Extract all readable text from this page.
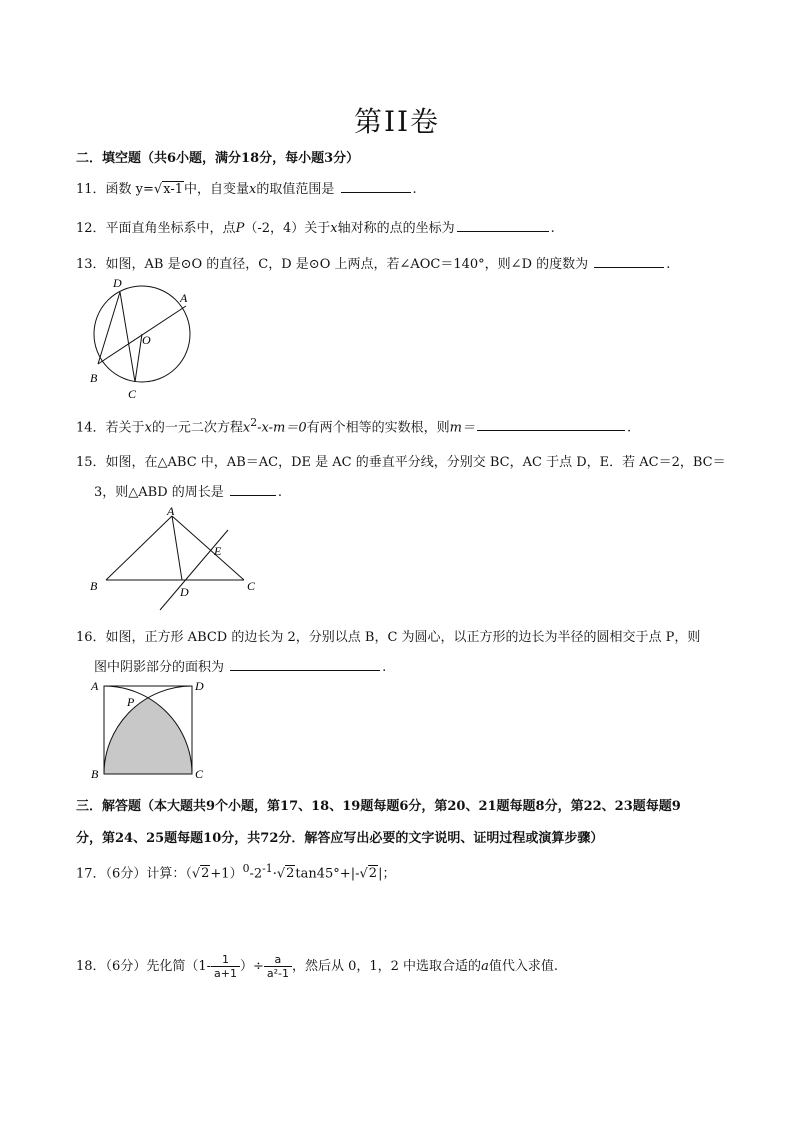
第II卷
二．填空题（共6小题，满分18分，每小题3分）
11．函数 y=√x-1中，自变量x的取值范围是	.
12．平面直角坐标系中，点P（-2，4）关于x轴对称的点的坐标为	.
13．如图，AB 是⊙O 的直径，C，D 是⊙O 上两点，若∠AOC＝140°，则∠D 的度数为	.
D
A
O
B
C
14．若关于x的一元二次方程$x^2-x-m=0$有两个相等的实数根，则m＝	.
15．如图，在△ABC 中，AB＝AC，DE 是 AC 的垂直平分线，分别交 BC，AC 于点 D，E．若 AC＝2，BC＝
3，则△ABD 的周长是	.
A
E
B	D	C
16．如图，正方形 ABCD 的边长为 2，分别以点 B，C 为圆心，以正方形的边长为半径的圆相交于点 P，则
图中阴影部分的面积为	.
A	D
P
B	C
三．解答题（本大题共9个小题，第17、18、19题每题6分，第20、21题每题8分，第22、23题每题9
分，第24、25题每题10分，共72分．解答应写出必要的文字说明、证明过程或演算步骤）
17．（6分）计算：$(√2+1)^0-2^{-1}\cdot√2\tan 45^\circ+|-√2|$；
18．（6分）先化简（$1- \frac{1}{a+1}$ ）÷ $\frac{a}{\text{a²-1}}$ ，然后从 0，1，2 中选取合适的a值代入求值.
